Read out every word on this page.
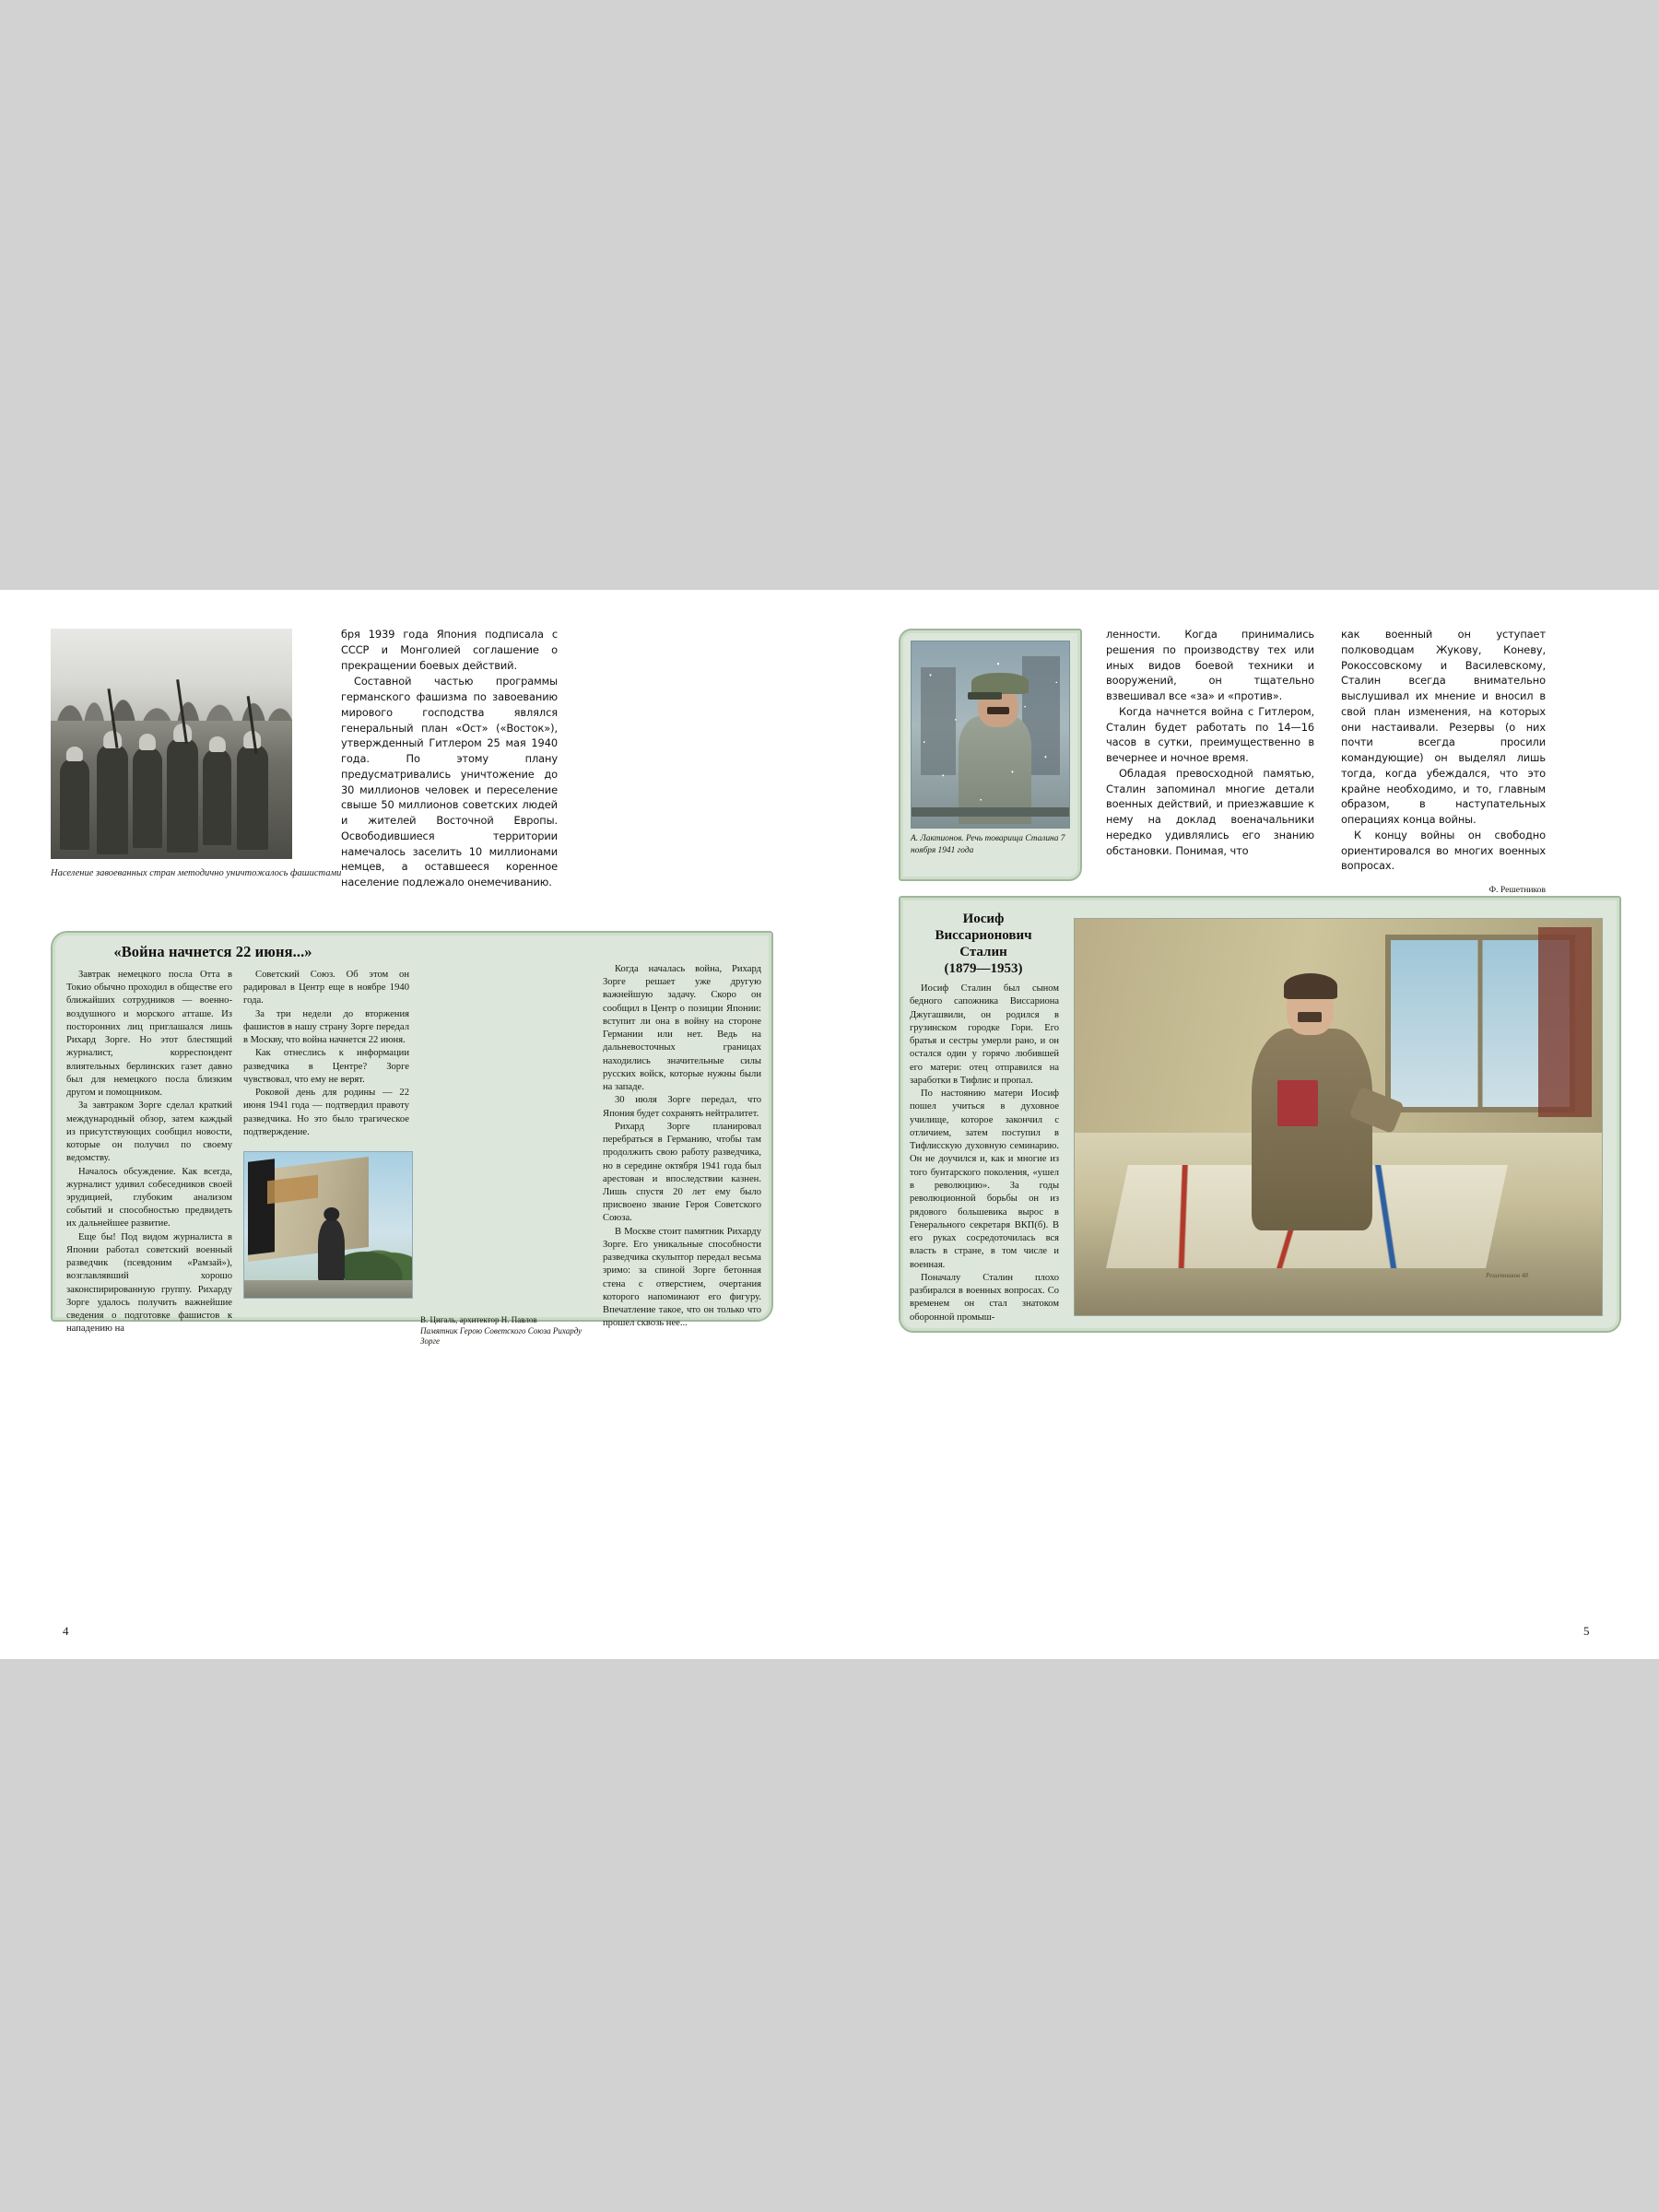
Население завоеванных стран методично уничтожалось фашистами

бря 1939 года Япония подписала с СССР и Монголией соглашение о прекращении боевых действий.

Составной частью программы германского фашизма по завоеванию мирового господства являлся генеральный план «Ост» («Восток»), утвержденный Гитлером 25 мая 1940 года. По этому плану предусматривались уничтожение до 30 миллионов человек и переселение свыше 50 миллионов советских людей и жителей Восточной Европы. Освободившиеся территории намечалось заселить 10 миллионами немцев, а оставшееся коренное население подлежало онемечиванию.

«Война начнется 22 июня...»

Завтрак немецкого посла Отта в Токио обычно проходил в обществе его ближайших сотрудников — военно-воздушного и морского атташе. Из посторонних лиц приглашался лишь Рихард Зорге. Но этот блестящий журналист, корреспондент влиятельных берлинских газет давно был для немецкого посла близким другом и помощником.

За завтраком Зорге сделал краткий международный обзор, затем каждый из присутствующих сообщил новости, которые он получил по своему ведомству.

Началось обсуждение. Как всегда, журналист удивил собеседников своей эрудицией, глубоким анализом событий и способностью предвидеть их дальнейшее развитие.

Еще бы! Под видом журналиста в Японии работал советский военный разведчик (псевдоним «Рамзай»), возглавлявший хорошо законспирированную группу. Рихарду Зорге удалось получить важнейшие сведения о подготовке фашистов к нападению на

Советский Союз. Об этом он радировал в Центр еще в ноябре 1940 года.

За три недели до вторжения фашистов в нашу страну Зорге передал в Москву, что война начнется 22 июня.

Как отнеслись к информации разведчика в Центре? Зорге чувствовал, что ему не верят.

Роковой день для родины — 22 июня 1941 года — подтвердил правоту разведчика. Но это было трагическое подтверждение.

Когда началась война, Рихард Зорге решает уже другую важнейшую задачу. Скоро он сообщил в Центр о позиции Японии: вступит ли она в войну на стороне Германии или нет. Ведь на дальневосточных границах находились значительные силы русских войск, которые нужны были на западе.

30 июля Зорге передал, что Япония будет сохранять нейтралитет.

Рихард Зорге планировал перебраться в Германию, чтобы там продолжить свою работу разведчика, но в середине октября 1941 года был арестован и впоследствии казнен. Лишь спустя 20 лет ему было присвоено звание Героя Советского Союза.

В Москве стоит памятник Рихарду Зорге. Его уникальные способности разведчика скульптор передал весьма зримо: за спиной Зорге бетонная стена с отверстием, очертания которого напоминают его фигуру. Впечатление такое, что он только что прошел сквозь нее...

В. Цигаль, архитектор Н. Павлов
Памятник Герою Советского Союза Рихарду Зорге
А. Лактионов. Речь товарища Сталина 7 ноября 1941 года

ленности. Когда принимались решения по производству тех или иных видов боевой техники и вооружений, он тщательно взвешивал все «за» и «против».

Когда начнется война с Гитлером, Сталин будет работать по 14—16 часов в сутки, преимущественно в вечернее и ночное время.

Обладая превосходной памятью, Сталин запоминал многие детали военных действий, и приезжавшие к нему на доклад военачальники нередко удивлялись его знанию обстановки. Понимая, что

как военный он уступает полководцам Жукову, Коневу, Рокоссовскому и Василевскому, Сталин всегда внимательно выслушивал их мнение и вносил в свой план изменения, на которых они настаивали. Резервы (о них почти всегда просили командующие) он выделял лишь тогда, когда убеждался, что это крайне необходимо, и то, главным образом, в наступательных операциях конца войны.

К концу войны он свободно ориентировался во многих военных вопросах.

Ф. Решетников
Иосиф
Виссарионович
Сталин
(1879—1953)

Иосиф Сталин был сыном бедного сапожника Виссариона Джугашвили, он родился в грузинском городке Гори. Его братья и сестры умерли рано, и он остался один у горячо любившей его матери: отец отправился на заработки в Тифлис и пропал.

По настоянию матери Иосиф пошел учиться в духовное училище, которое закончил с отличием, затем поступил в Тифлисскую духовную семинарию. Он не доучился и, как и многие из того бунтарского поколения, «ушел в революцию». За годы революционной борьбы он из рядового большевика вырос в Генерального секретаря ВКП(б). В его руках сосредоточилась вся власть в стране, в том числе и военная.

Поначалу Сталин плохо разбирался в военных вопросах. Со временем он стал знатоком оборонной промыш-

Решетников 48
4	5
